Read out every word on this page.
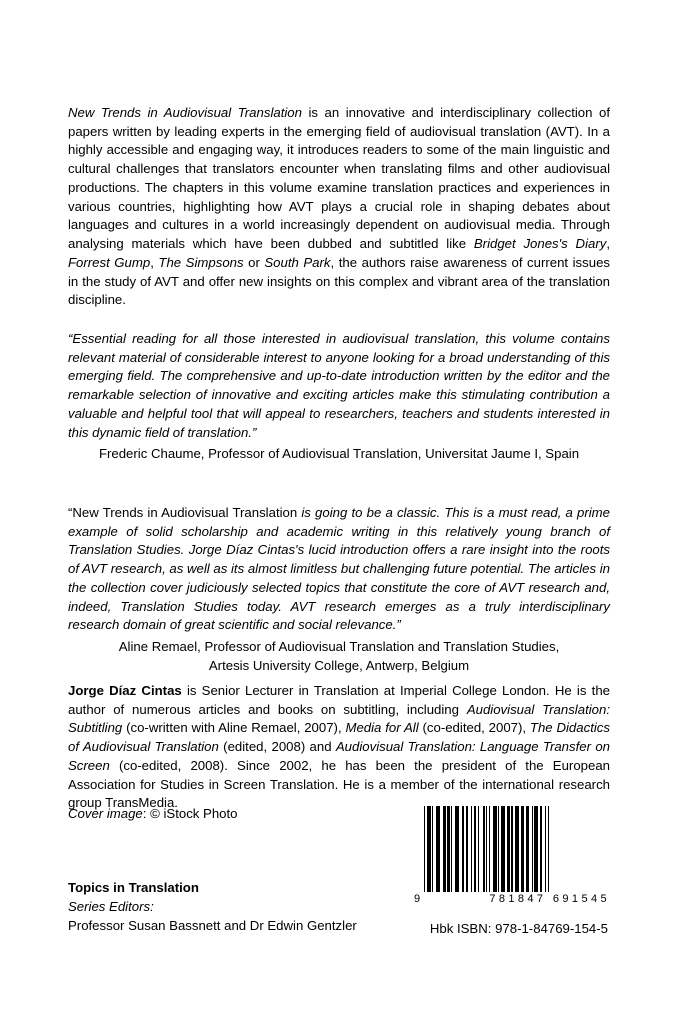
New Trends in Audiovisual Translation is an innovative and interdisciplinary collection of papers written by leading experts in the emerging field of audiovisual translation (AVT). In a highly accessible and engaging way, it introduces readers to some of the main linguistic and cultural challenges that translators encounter when translating films and other audiovisual productions. The chapters in this volume examine translation practices and experiences in various countries, highlighting how AVT plays a crucial role in shaping debates about languages and cultures in a world increasingly dependent on audiovisual media. Through analysing materials which have been dubbed and subtitled like Bridget Jones's Diary, Forrest Gump, The Simpsons or South Park, the authors raise awareness of current issues in the study of AVT and offer new insights on this complex and vibrant area of the translation discipline.

“Essential reading for all those interested in audiovisual translation, this volume contains relevant material of considerable interest to anyone looking for a broad understanding of this emerging field. The comprehensive and up-to-date introduction written by the editor and the remarkable selection of innovative and exciting articles make this stimulating contribution a valuable and helpful tool that will appeal to researchers, teachers and students interested in this dynamic field of translation.”

Frederic Chaume, Professor of Audiovisual Translation, Universitat Jaume I, Spain

“New Trends in Audiovisual Translation is going to be a classic. This is a must read, a prime example of solid scholarship and academic writing in this relatively young branch of Translation Studies. Jorge Díaz Cintas's lucid introduction offers a rare insight into the roots of AVT research, as well as its almost limitless but challenging future potential. The articles in the collection cover judiciously selected topics that constitute the core of AVT research and, indeed, Translation Studies today. AVT research emerges as a truly interdisciplinary research domain of great scientific and social relevance.”

Aline Remael, Professor of Audiovisual Translation and Translation Studies,

Artesis University College, Antwerp, Belgium

Jorge Díaz Cintas is Senior Lecturer in Translation at Imperial College London. He is the author of numerous articles and books on subtitling, including Audiovisual Translation: Subtitling (co-written with Aline Remael, 2007), Media for All (co-edited, 2007), The Didactics of Audiovisual Translation (edited, 2008) and Audiovisual Translation: Language Transfer on Screen (co-edited, 2008). Since 2002, he has been the president of the European Association for Studies in Screen Translation. He is a member of the international research group TransMedia.

Cover image: © iStock Photo
Topics in Translation
Series Editors:
Professor Susan Bassnett and Dr Edwin Gentzler
9	781847 691545
Hbk ISBN: 978-1-84769-154-5
